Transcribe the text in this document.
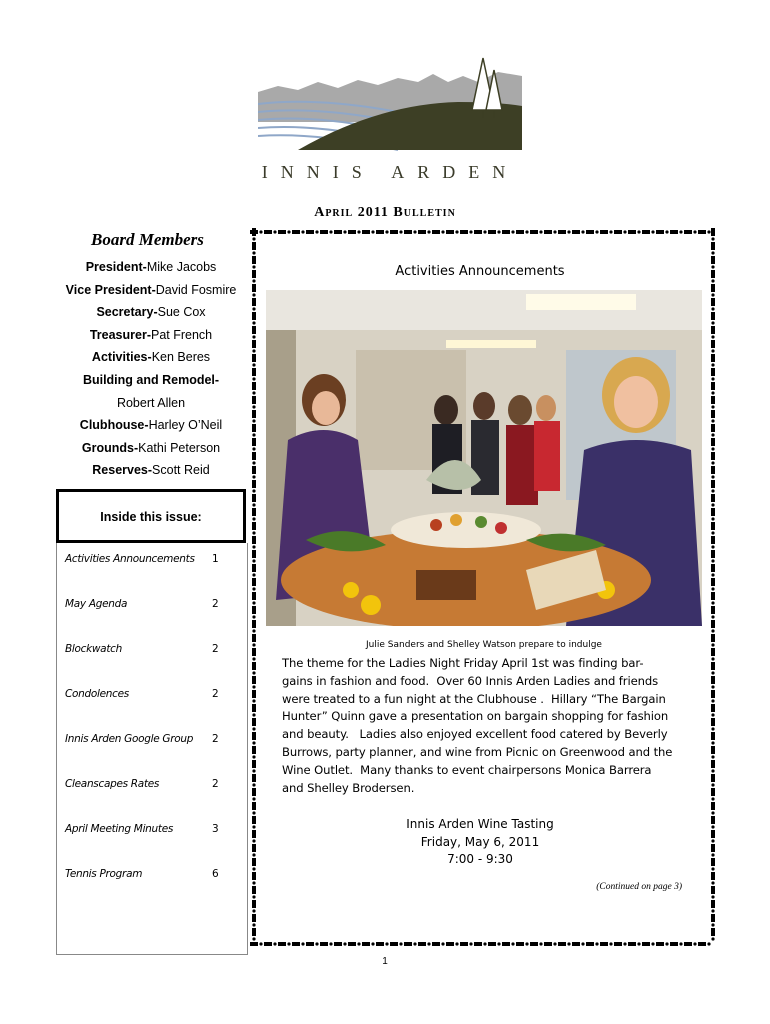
INNIS ARDEN
April 2011 Bulletin
Board Members
President-Mike Jacobs
Vice President-David Fosmire
Secretary-Sue Cox
Treasurer-Pat French
Activities-Ken Beres
Building and Remodel-
Robert Allen
Clubhouse-Harley O’Neil
Grounds-Kathi Peterson
Reserves-Scott Reid
Inside this issue:
Activities Announcements 1
May Agenda	2
Blockwatch	2
Condolences	2
Innis Arden Google Group 2
Cleanscapes Rates	2
April Meeting Minutes	3
Tennis Program	6
Activities Announcements
Julie Sanders and Shelley Watson prepare to indulge
The theme for the Ladies Night Friday April 1st was finding bar-
gains in fashion and food.  Over 60 Innis Arden Ladies and friends
were treated to a fun night at the Clubhouse .  Hillary “The Bargain
Hunter” Quinn gave a presentation on bargain shopping for fashion
and beauty.   Ladies also enjoyed excellent food catered by Beverly
Burrows, party planner, and wine from Picnic on Greenwood and the
Wine Outlet.  Many thanks to event chairpersons Monica Barrera
and Shelley Brodersen.
Innis Arden Wine Tasting
Friday, May 6, 2011
7:00 - 9:30
(Continued on page 3)
1
